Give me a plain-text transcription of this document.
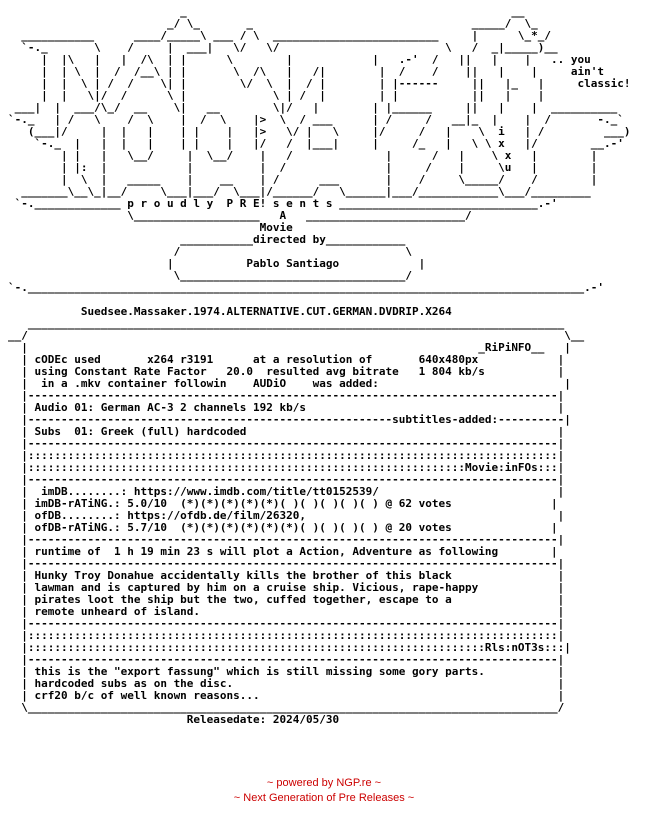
_                                                 __
_/ \_       _                                 _____/  \_
___________      ____/_____\ ___ / \  _________________________     |      \_*_/
`-._       \    /     |  ___|   \/   \/                         \   /  _|_____)__
|  |\   |   |  /\  | |      \        |            |   .-'  /   ||   |    |   .. you
|  | \  |  /  /__\ | |       \  /\   |   /|        |  /    /    ||   |    |     ain't
|  |  \ | /  /    \| |        \/  \  |  / |        | |------     ||   |_   |     classic!
|  |   \|/  /      \ |             \ | /  |        | |           ||   |    |
___|  |  ___/\_/  __    \|   __        \|/   |        | |______     ||   |    |  __________
`-._   | /   \    /  \    |  /  \    |>  \  / ___      | /     /   __|_  |    |  /       -._`
(___|/     |  |   |    | |    |   |>   \/ |   \     |/     /   |    \  i   | /         ___)
`-._  |   |  |   |    | |    |   |/   /  |___|     |     /_   |   \ \ x   |/        __.-'
| |   |   \__/     |  \__/    |   /              |      /   |    \ x   |        |
| |:  |            |          |  /               |     /    |     \u   |        |
|  \  |   _____    |    __    | /      ___       |    /     \_____/    /        |
_______\__\_|__/     \___|___/  \___|/______/   \______|___/____________\___/_________
`-._____________ p r o u d l y  P R E! s e n t s ______________________________.-'
\___________________   A   ________________________/
Movie
___________directed by____________
/                                  \
|           Pablo Santiago            |
\__________________________________/
`-.____________________________________________________________________________________.-'

Suedsee.Massaker.1974.ALTERNATIVE.CUT.GERMAN.DVDRIP.X264
_________________________________________________________________________________
__/                                                                                 \__
|                                                                    _RiPiNFO__   |
| cODEc used       x264 r3191      at a resolution of       640x480px            |
| using Constant Rate Factor   20.0  resulted avg bitrate   1 804 kb/s           |
|  in a .mkv container followin    AUDiO    was added:                            |
|--------------------------------------------------------------------------------|
| Audio 01: German AC-3 2 channels 192 kb/s                                      |
|-------------------------------------------------------subtitles-added:----------|
| Subs  01: Greek (full) hardcoded                                               |
|--------------------------------------------------------------------------------|
|::::::::::::::::::::::::::::::::::::::::::::::::::::::::::::::::::::::::::::::::|
|::::::::::::::::::::::::::::::::::::::::::::::::::::::::::::::::::Movie:inFOs:::|
|--------------------------------------------------------------------------------|
|  imDB........: https://www.imdb.com/title/tt0152539/                           |
| imDB-rATiNG.: 5.0/10  (*)(*)(*)(*)(*)( )( )( )( )( ) @ 62 votes               |
| ofDB........: https://ofdb.de/film/26320,                                      |
| ofDB-rATiNG.: 5.7/10  (*)(*)(*)(*)(*)(*)( )( )( )( ) @ 20 votes               |
|--------------------------------------------------------------------------------|
| runtime of  1 h 19 min 23 s will plot a Action, Adventure as following        |
|--------------------------------------------------------------------------------|
| Hunky Troy Donahue accidentally kills the brother of this black                |
| lawman and is captured by him on a cruise ship. Vicious, rape-happy            |
| pirates loot the ship but the two, cuffed together, escape to a                |
| remote unheard of island.                                                      |
|--------------------------------------------------------------------------------|
|::::::::::::::::::::::::::::::::::::::::::::::::::::::::::::::::::::::::::::::::|
|:::::::::::::::::::::::::::::::::::::::::::::::::::::::::::::::::::::Rls:nOT3s:::|
|--------------------------------------------------------------------------------|
| this is the "export fassung" which is still missing some gory parts.           |
| hardcoded subs as on the disc.                                                 |
| crf20 b/c of well known reasons...                                             |
\________________________________________________________________________________/
Releasedate: 2024/05/30
~ powered by NGP.re ~
~ Next Generation of Pre Releases ~
